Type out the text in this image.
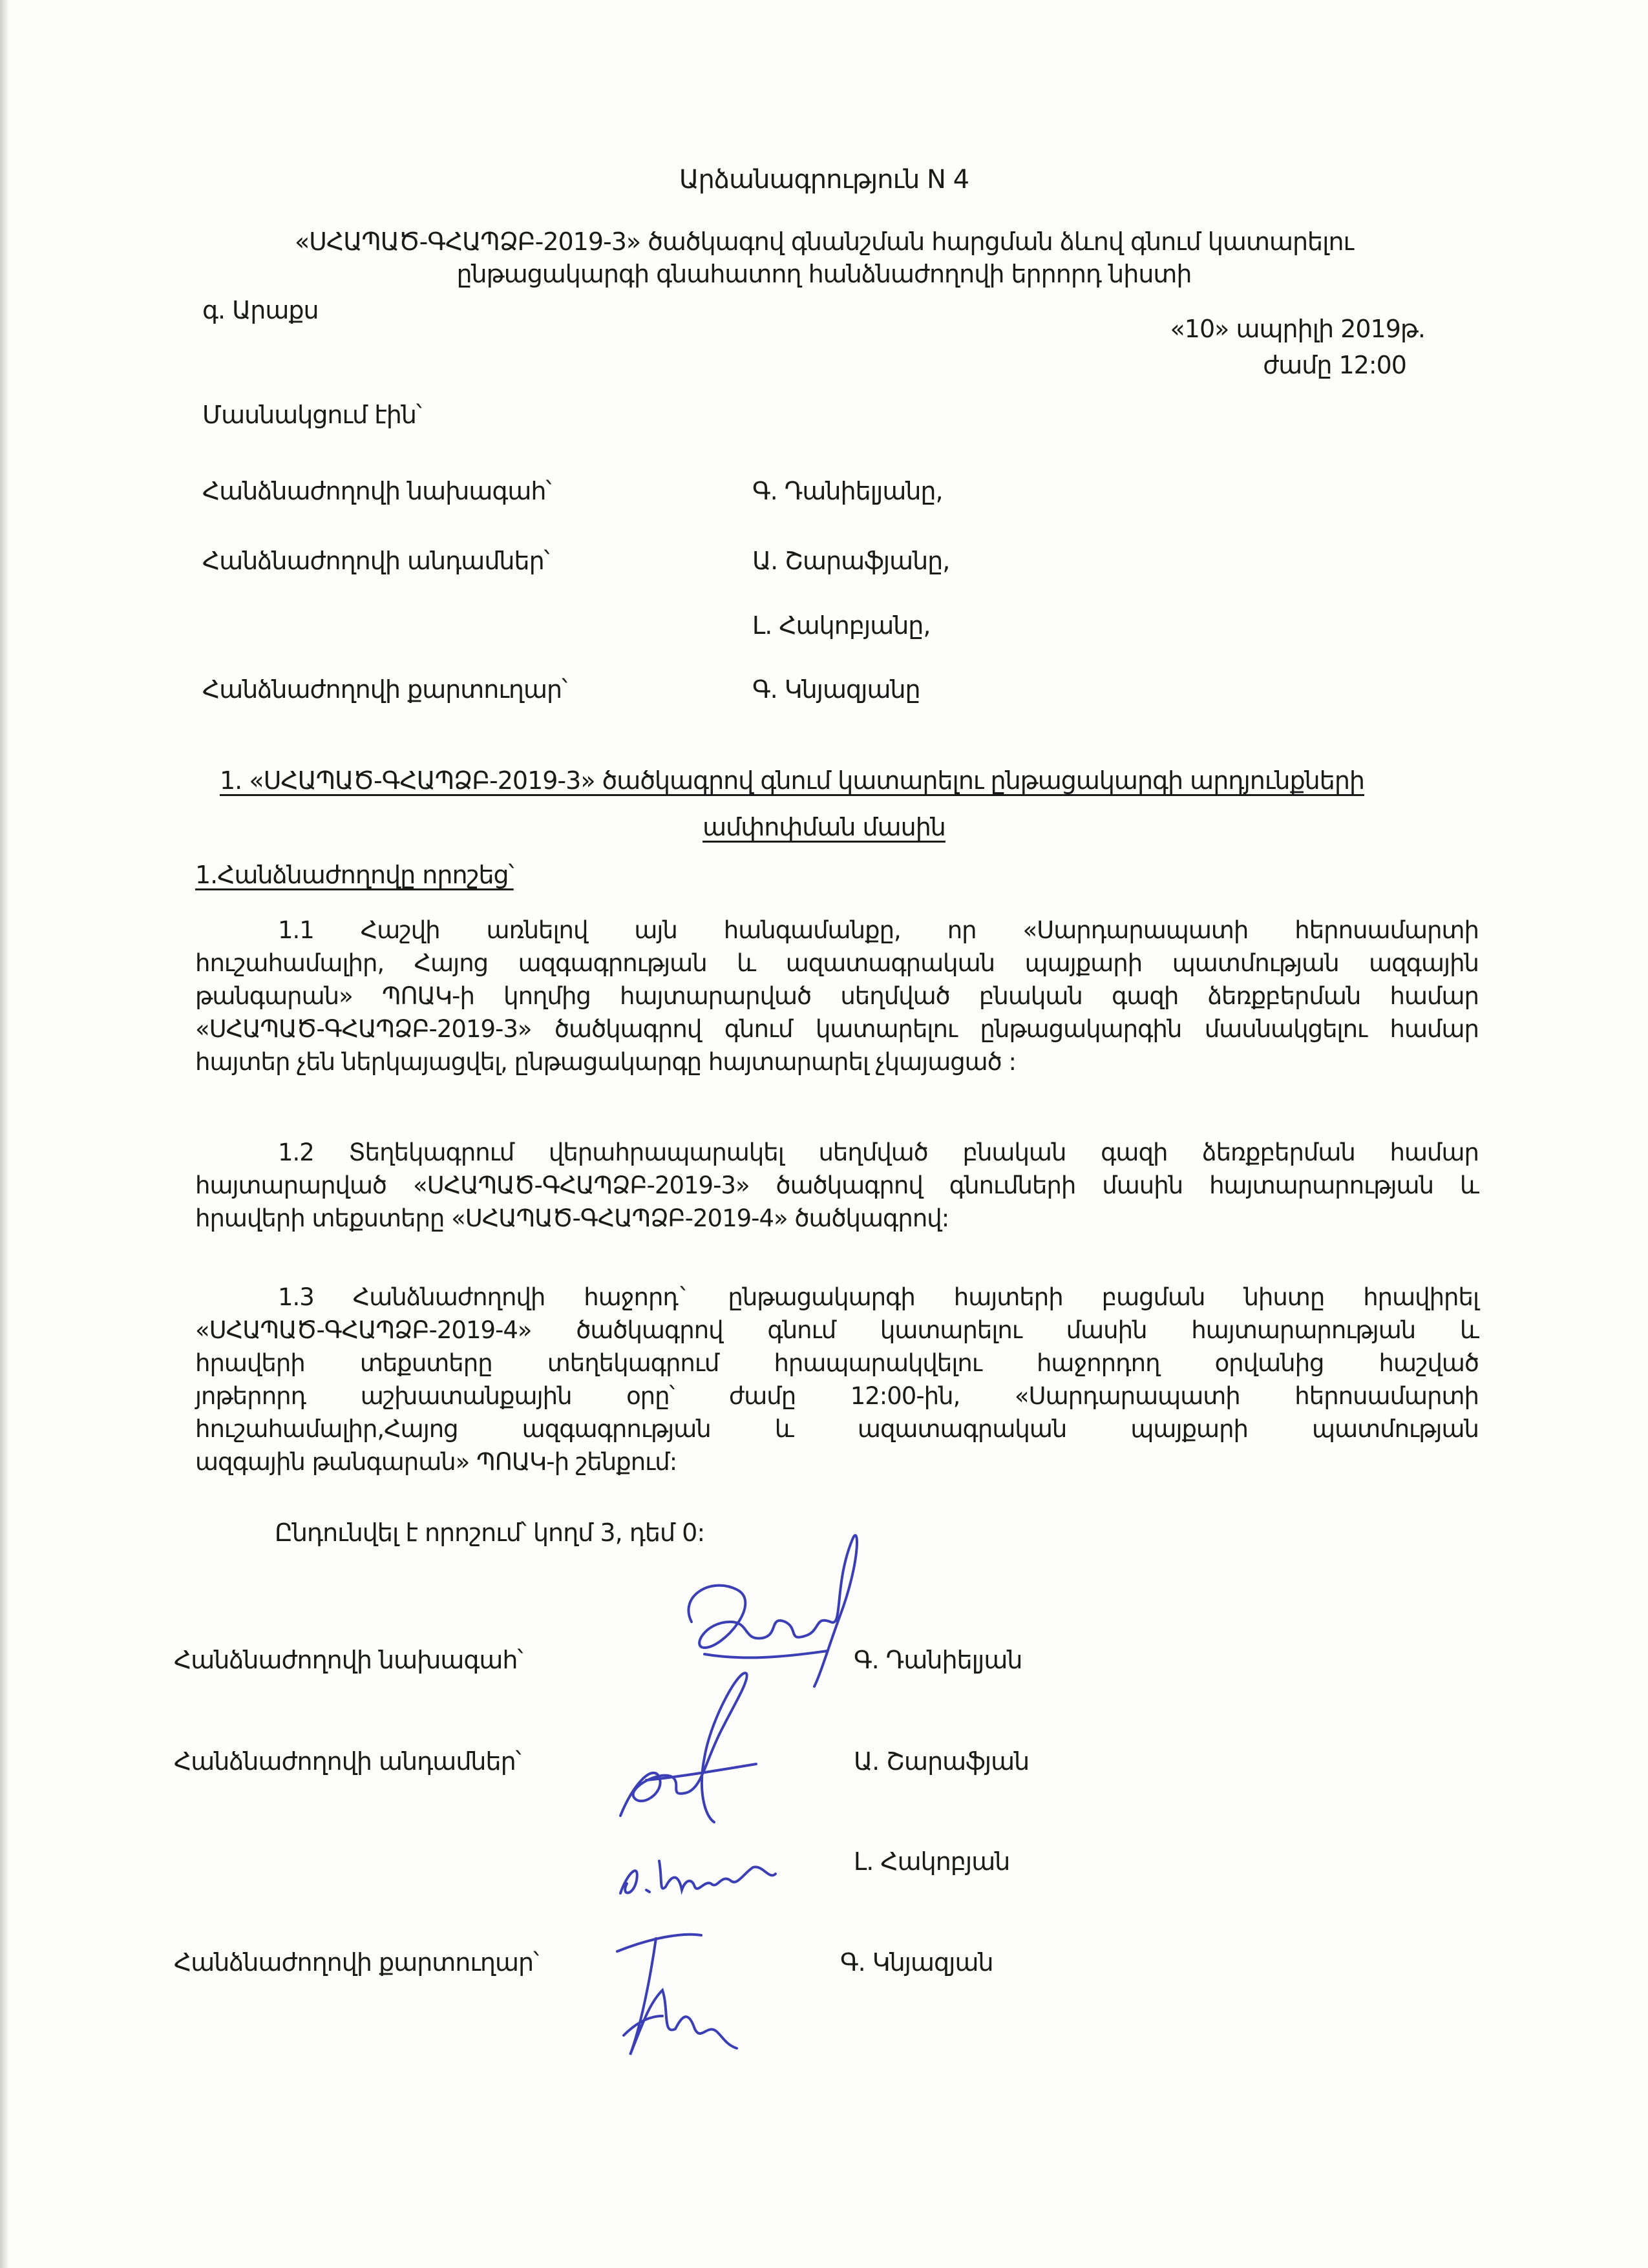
Արձանագրություն N 4
«ՍՀԱՊԱԾ-ԳՀԱՊՁԲ-2019-3» ծածկագով գնանշման հարցման ձևով գնում կատարելու
ընթացակարգի գնահատող հանձնաժողովի երրորդ նիստի
գ. Արաքս
«10» ապրիլի 2019թ.
ժամը 12:00
Մասնակցում էին՝
Հանձնաժողովի նախագահ՝	Գ. Դանիելյանը,
Հանձնաժողովի անդամներ՝	Ա. Շարաֆյանը,
Լ. Հակոբյանը,
Հանձնաժողովի քարտուղար՝	Գ. Կնյազյանը
1. «ՍՀԱՊԱԾ-ԳՀԱՊՁԲ-2019-3» ծածկագրով գնում կատարելու ընթացակարգի արդյունքների
ամփոփման մասին
1.Հանձնաժողովը որոշեց՝
1.1 Հաշվի առնելով այն հանգամանքը, որ «Սարդարապատի հերոսամարտի
հուշահամալիր, Հայոց ազգագրության և ազատագրական պայքարի պատմության ազգային
թանգարան» ՊՈԱԿ-ի կողմից հայտարարված սեղմված բնական գազի ձեռքբերման համար
«ՍՀԱՊԱԾ-ԳՀԱՊՁԲ-2019-3» ծածկագրով գնում կատարելու ընթացակարգին մասնակցելու համար
հայտեր չեն ներկայացվել, ընթացակարգը հայտարարել չկայացած :
1.2 Տեղեկագրում վերահրապարակել սեղմված բնական գազի ձեռքբերման համար
հայտարարված «ՍՀԱՊԱԾ-ԳՀԱՊՁԲ-2019-3» ծածկագրով գնումների մասին հայտարարության և
հրավերի տեքստերը «ՍՀԱՊԱԾ-ԳՀԱՊՁԲ-2019-4» ծածկագրով:
1.3 Հանձնաժողովի հաջորդ` ընթացակարգի հայտերի բացման նիստը հրավիրել
«ՍՀԱՊԱԾ-ԳՀԱՊՁԲ-2019-4» ծածկագրով գնում կատարելու մասին հայտարարության և
հրավերի տեքստերը տեղեկագրում հրապարակվելու հաջորդող օրվանից հաշված
յոթերորդ աշխատանքային օրը՝ ժամը 12:00-ին, «Սարդարապատի հերոսամարտի
հուշահամալիր,Հայոց ազգագրության և ազատագրական պայքարի պատմության
ազգային թանգարան» ՊՈԱԿ-ի շենքում:
Ընդունվել է որոշում՝ կողմ 3, դեմ 0:
Հանձնաժողովի նախագահ՝	Գ. Դանիելյան
Հանձնաժողովի անդամներ՝	Ա. Շարաֆյան
Լ. Հակոբյան
Հանձնաժողովի քարտուղար՝	Գ. Կնյազյան
